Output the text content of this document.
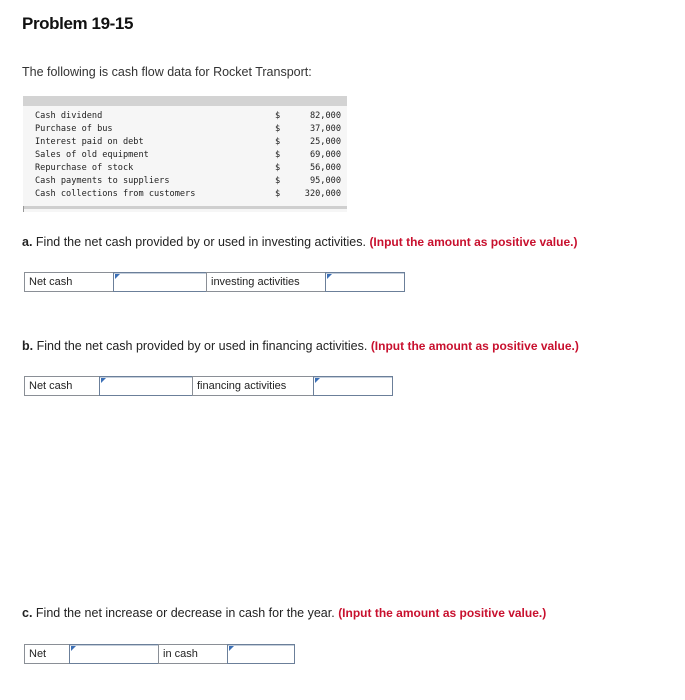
Problem 19-15
The following is cash flow data for Rocket Transport:
Cash dividend	$	82,000
Purchase of bus	$	37,000
Interest paid on debt	$	25,000
Sales of old equipment	$	69,000
Repurchase of stock	$	56,000
Cash payments to suppliers	$	95,000
Cash collections from customers	$	320,000
a. Find the net cash provided by or used in investing activities. (Input the amount as positive value.)
Net cash	investing activities
b. Find the net cash provided by or used in financing activities. (Input the amount as positive value.)
Net cash	financing activities
c. Find the net increase or decrease in cash for the year. (Input the amount as positive value.)
Net	in cash
